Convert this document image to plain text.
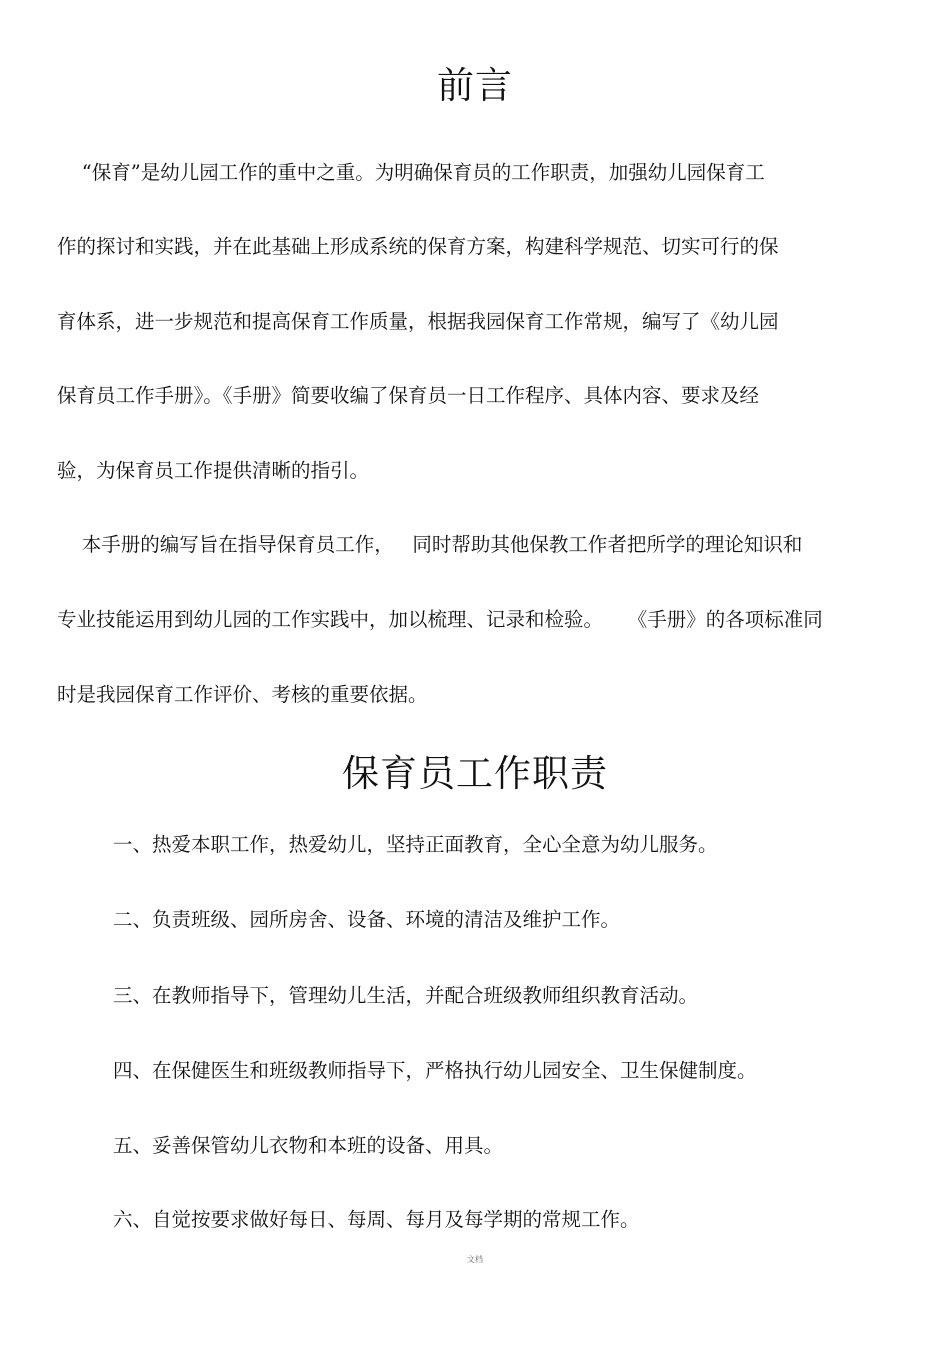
前言

“保育”是幼儿园工作的重中之重。为明确保育员的工作职责，加强幼儿园保育工

作的探讨和实践，并在此基础上形成系统的保育方案，构建科学规范、切实可行的保

育体系，进一步规范和提高保育工作质量，根据我园保育工作常规，编写了《幼儿园

保育员工作手册》。《手册》简要收编了保育员一日工作程序、具体内容、要求及经

验，为保育员工作提供清晰的指引。

本手册的编写旨在指导保育员工作，   同时帮助其他保教工作者把所学的理论知识和

专业技能运用到幼儿园的工作实践中，加以梳理、记录和检验。    《手册》的各项标准同

时是我园保育工作评价、考核的重要依据。

保育员工作职责

一、热爱本职工作，热爱幼儿，坚持正面教育，全心全意为幼儿服务。

二、负责班级、园所房舍、设备、环境的清洁及维护工作。

三、在教师指导下，管理幼儿生活，并配合班级教师组织教育活动。

四、在保健医生和班级教师指导下，严格执行幼儿园安全、卫生保健制度。

五、妥善保管幼儿衣物和本班的设备、用具。

六、自觉按要求做好每日、每周、每月及每学期的常规工作。

文档
